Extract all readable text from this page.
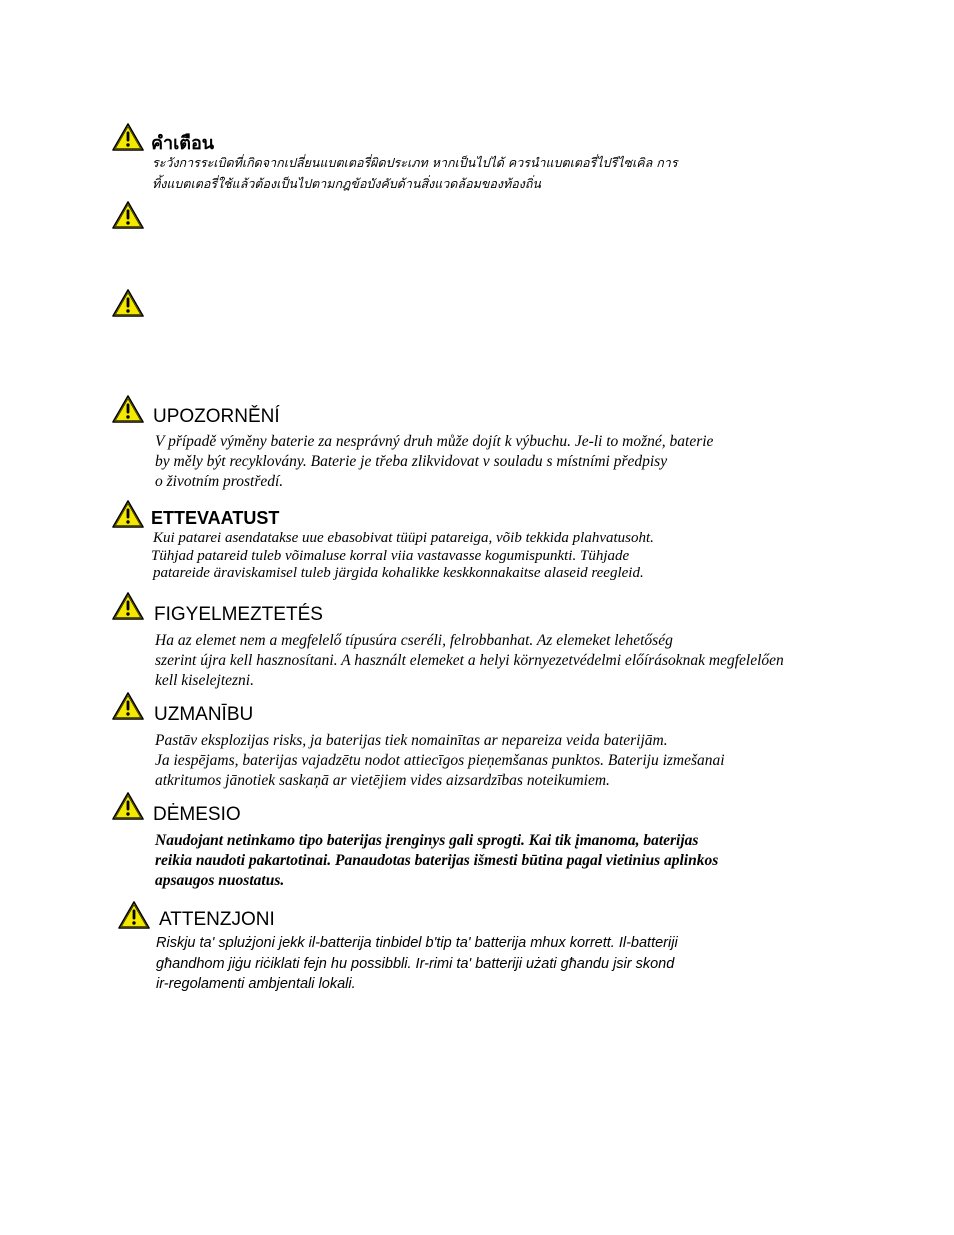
คำเตือน
ระวังการระเบิดที่เกิดจากเปลี่ยนแบตเตอรี่ผิดประเภท หากเป็นไปได้ ควรนำแบตเตอรี่ไปรีไซเคิล การ
ทิ้งแบตเตอรี่ใช้แล้วต้องเป็นไปตามกฎข้อบังคับด้านสิ่งแวดล้อมของท้องถิ่น
UPOZORNĚNÍ
V případě výměny baterie za nesprávný druh může dojít k výbuchu. Je-li to možné, baterie
by měly být recyklovány. Baterie je třeba zlikvidovat v souladu s místními předpisy
o životním prostředí.
ETTEVAATUST
Kui patarei asendatakse uue ebasobivat tüüpi patareiga, võib tekkida plahvatusoht.
Tühjad patareid tuleb võimaluse korral viia vastavasse kogumispunkti. Tühjade
patareide äraviskamisel tuleb järgida kohalikke keskkonnakaitse alaseid reegleid.
FIGYELMEZTETÉS
Ha az elemet nem a megfelelő típusúra cseréli, felrobbanhat. Az elemeket lehetőség
szerint újra kell hasznosítani. A használt elemeket a helyi környezetvédelmi előírásoknak megfelelően
kell kiselejtezni.
UZMANĪBU
Pastāv eksplozijas risks, ja baterijas tiek nomainītas ar nepareiza veida baterijām.
Ja iespējams, baterijas vajadzētu nodot attiecīgos pieņemšanas punktos. Bateriju izmešanai
atkritumos jānotiek saskaņā ar vietējiem vides aizsardzības noteikumiem.
DĖMESIO
Naudojant netinkamo tipo baterijas įrenginys gali sprogti. Kai tik įmanoma, baterijas
reikia naudoti pakartotinai. Panaudotas baterijas išmesti būtina pagal vietinius aplinkos
apsaugos nuostatus.
ATTENZJONI
Riskju ta' splużjoni jekk il-batterija tinbidel b'tip ta' batterija mhux korrett. Il-batteriji
għandhom jiġu riċiklati fejn hu possibbli. Ir-rimi ta' batteriji użati għandu jsir skond
ir-regolamenti ambjentali lokali.
